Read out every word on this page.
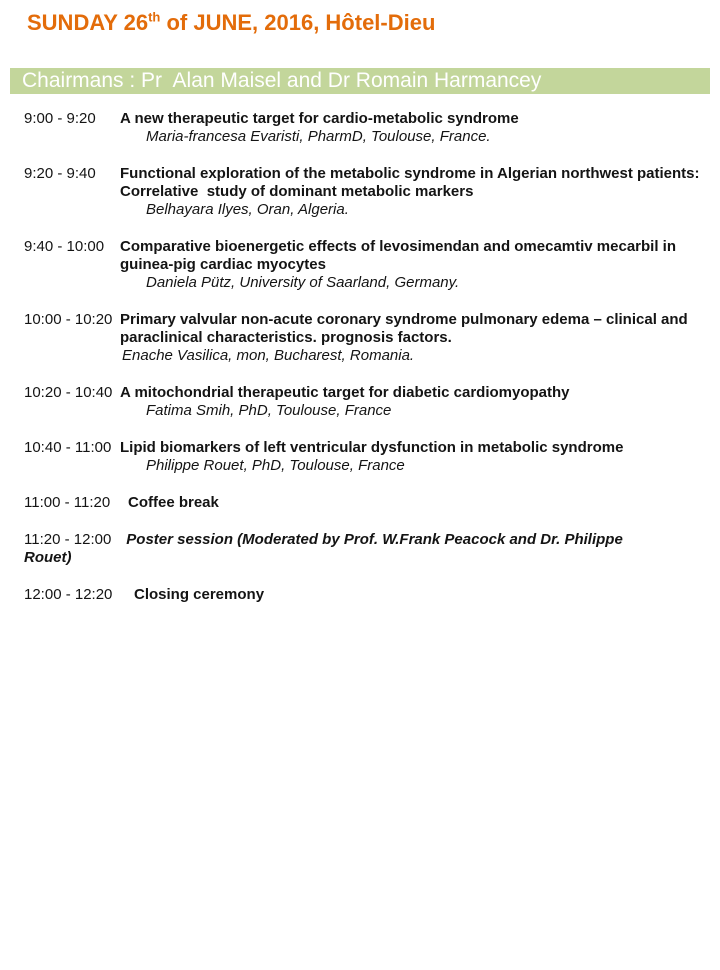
SUNDAY 26th of JUNE, 2016, Hôtel-Dieu
Chairmans : Pr  Alan Maisel and Dr Romain Harmancey
9:00 - 9:20	A new therapeutic target for cardio-metabolic syndrome
Maria-francesa Evaristi, PharmD, Toulouse, France.
9:20 - 9:40	Functional exploration of the metabolic syndrome in Algerian northwest patients:  Correlative  study of dominant metabolic markers
Belhayara Ilyes, Oran, Algeria.
9:40 - 10:00	Comparative bioenergetic effects of levosimendan and omecamtiv mecarbil in guinea-pig cardiac myocytes
Daniela Pütz, University of Saarland, Germany.
10:00 - 10:20 Primary valvular non-acute coronary syndrome pulmonary edema – clinical and paraclinical characteristics. prognosis factors.
Enache Vasilica, mon, Bucharest, Romania.
10:20 - 10:40 A mitochondrial therapeutic target for diabetic cardiomyopathy
Fatima Smih, PhD, Toulouse, France
10:40 - 11:00 Lipid biomarkers of left ventricular dysfunction in metabolic syndrome
Philippe Rouet, PhD, Toulouse, France
11:00 - 11:20	Coffee break

11:20 - 12:00 Poster session (Moderated by Prof. W.Frank Peacock and Dr. Philippe Rouet)

12:00 - 12:20	Closing ceremony
